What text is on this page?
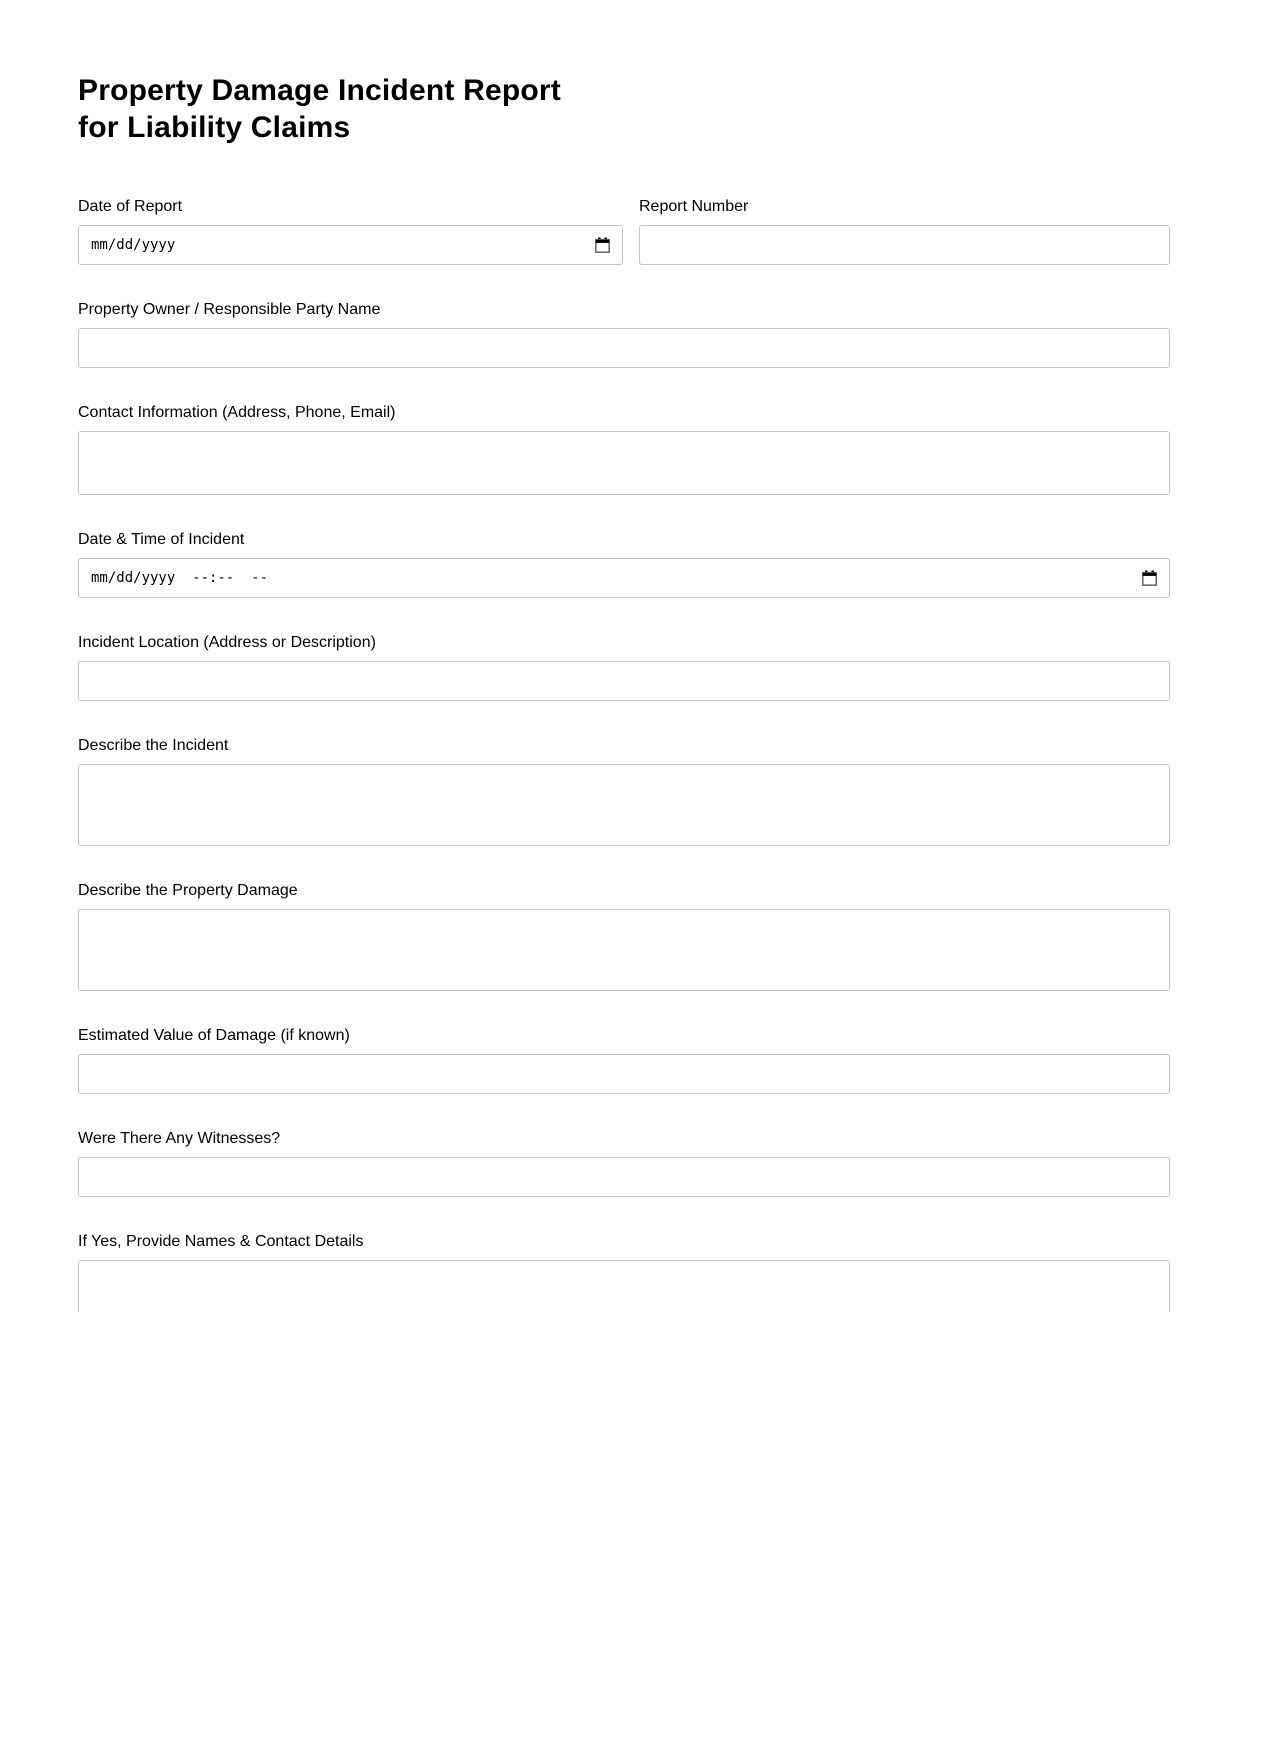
Property Damage Incident Report
for Liability Claims
Date of Report
mm/dd/yyyy
Report Number
Property Owner / Responsible Party Name
Contact Information (Address, Phone, Email)
Date & Time of Incident
mm/dd/yyyy  --:--  --
Incident Location (Address or Description)
Describe the Incident
Describe the Property Damage
Estimated Value of Damage (if known)
Were There Any Witnesses?
If Yes, Provide Names & Contact Details
